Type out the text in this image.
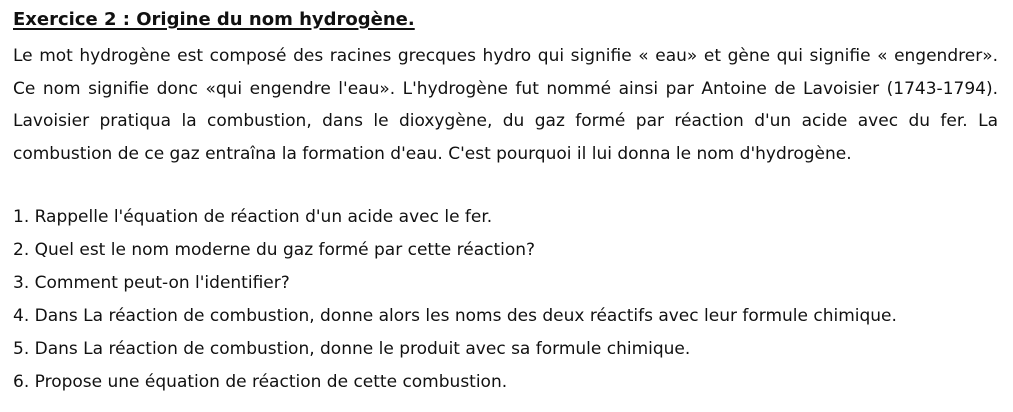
Exercice 2 : Origine du nom hydrogène.

Le mot hydrogène est composé des racines grecques hydro qui signifie « eau» et gène qui signifie « engendrer». Ce nom signifie donc «qui engendre l'eau». L'hydrogène fut nommé ainsi par Antoine de Lavoisier (1743-1794). Lavoisier pratiqua la combustion, dans le dioxygène, du gaz formé par réaction d'un acide avec du fer. La combustion de ce gaz entraîna la formation d'eau. C'est pourquoi il lui donna le nom d'hydrogène.

1. Rappelle l'équation de réaction d'un acide avec le fer.
2. Quel est le nom moderne du gaz formé par cette réaction?
3. Comment peut-on l'identifier?
4. Dans La réaction de combustion, donne alors les noms des deux réactifs avec leur formule chimique.
5. Dans La réaction de combustion, donne le produit avec sa formule chimique.
6. Propose une équation de réaction de cette combustion.
